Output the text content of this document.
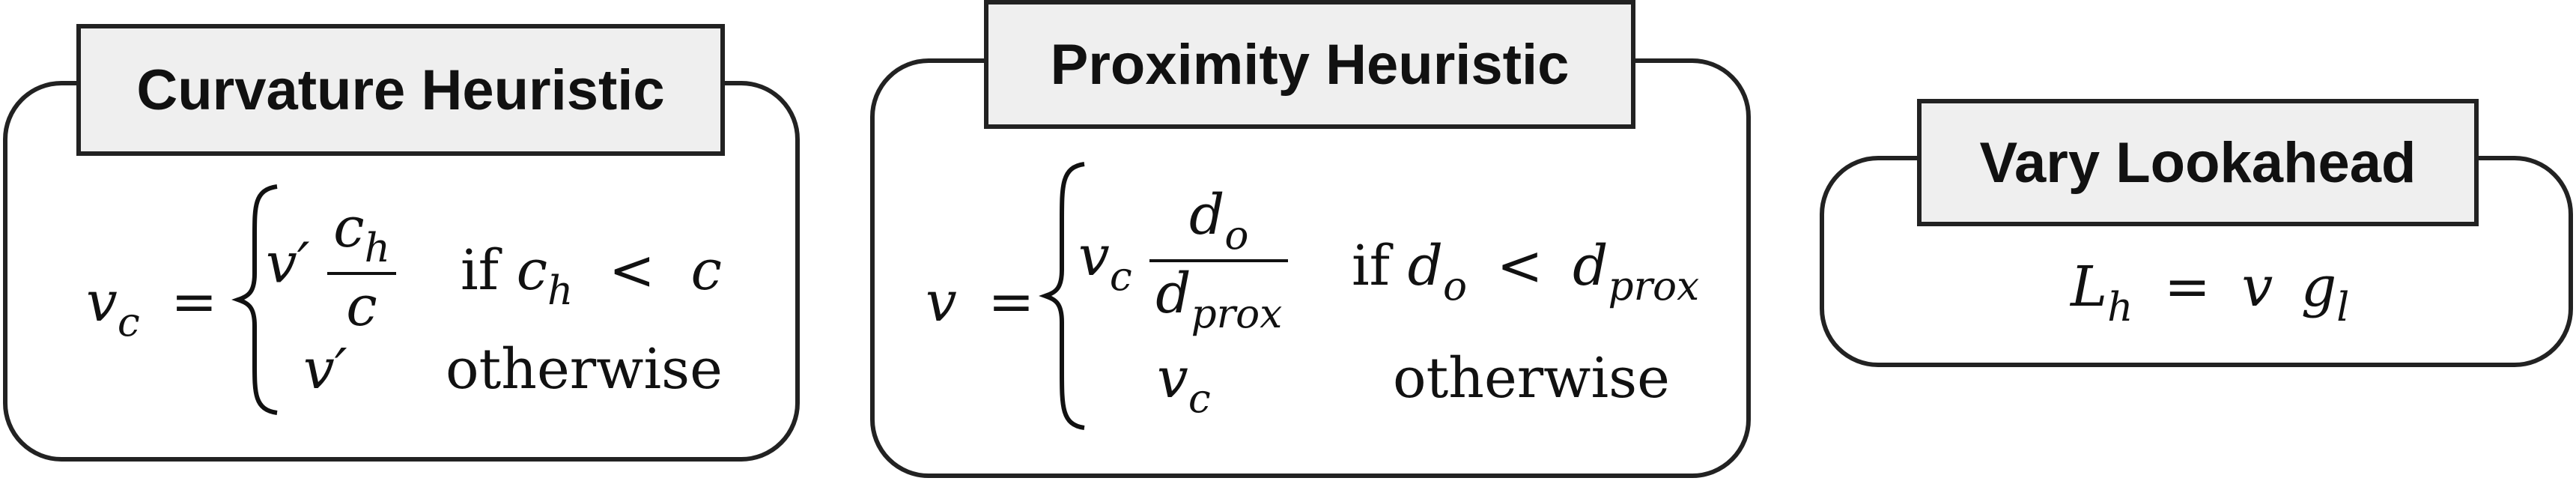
Curvature Heuristic
$v_c$ =
$v' \frac{c_h}{c}$ if $c_h < c$
v′ otherwise
Proximity Heuristic
v =
$v_c \frac{d_o}{d_{prox}}$ if $d_o < d_{prox}$
$v_c$	otherwise
Vary Lookahead
$L_h = v$ $g_l$
